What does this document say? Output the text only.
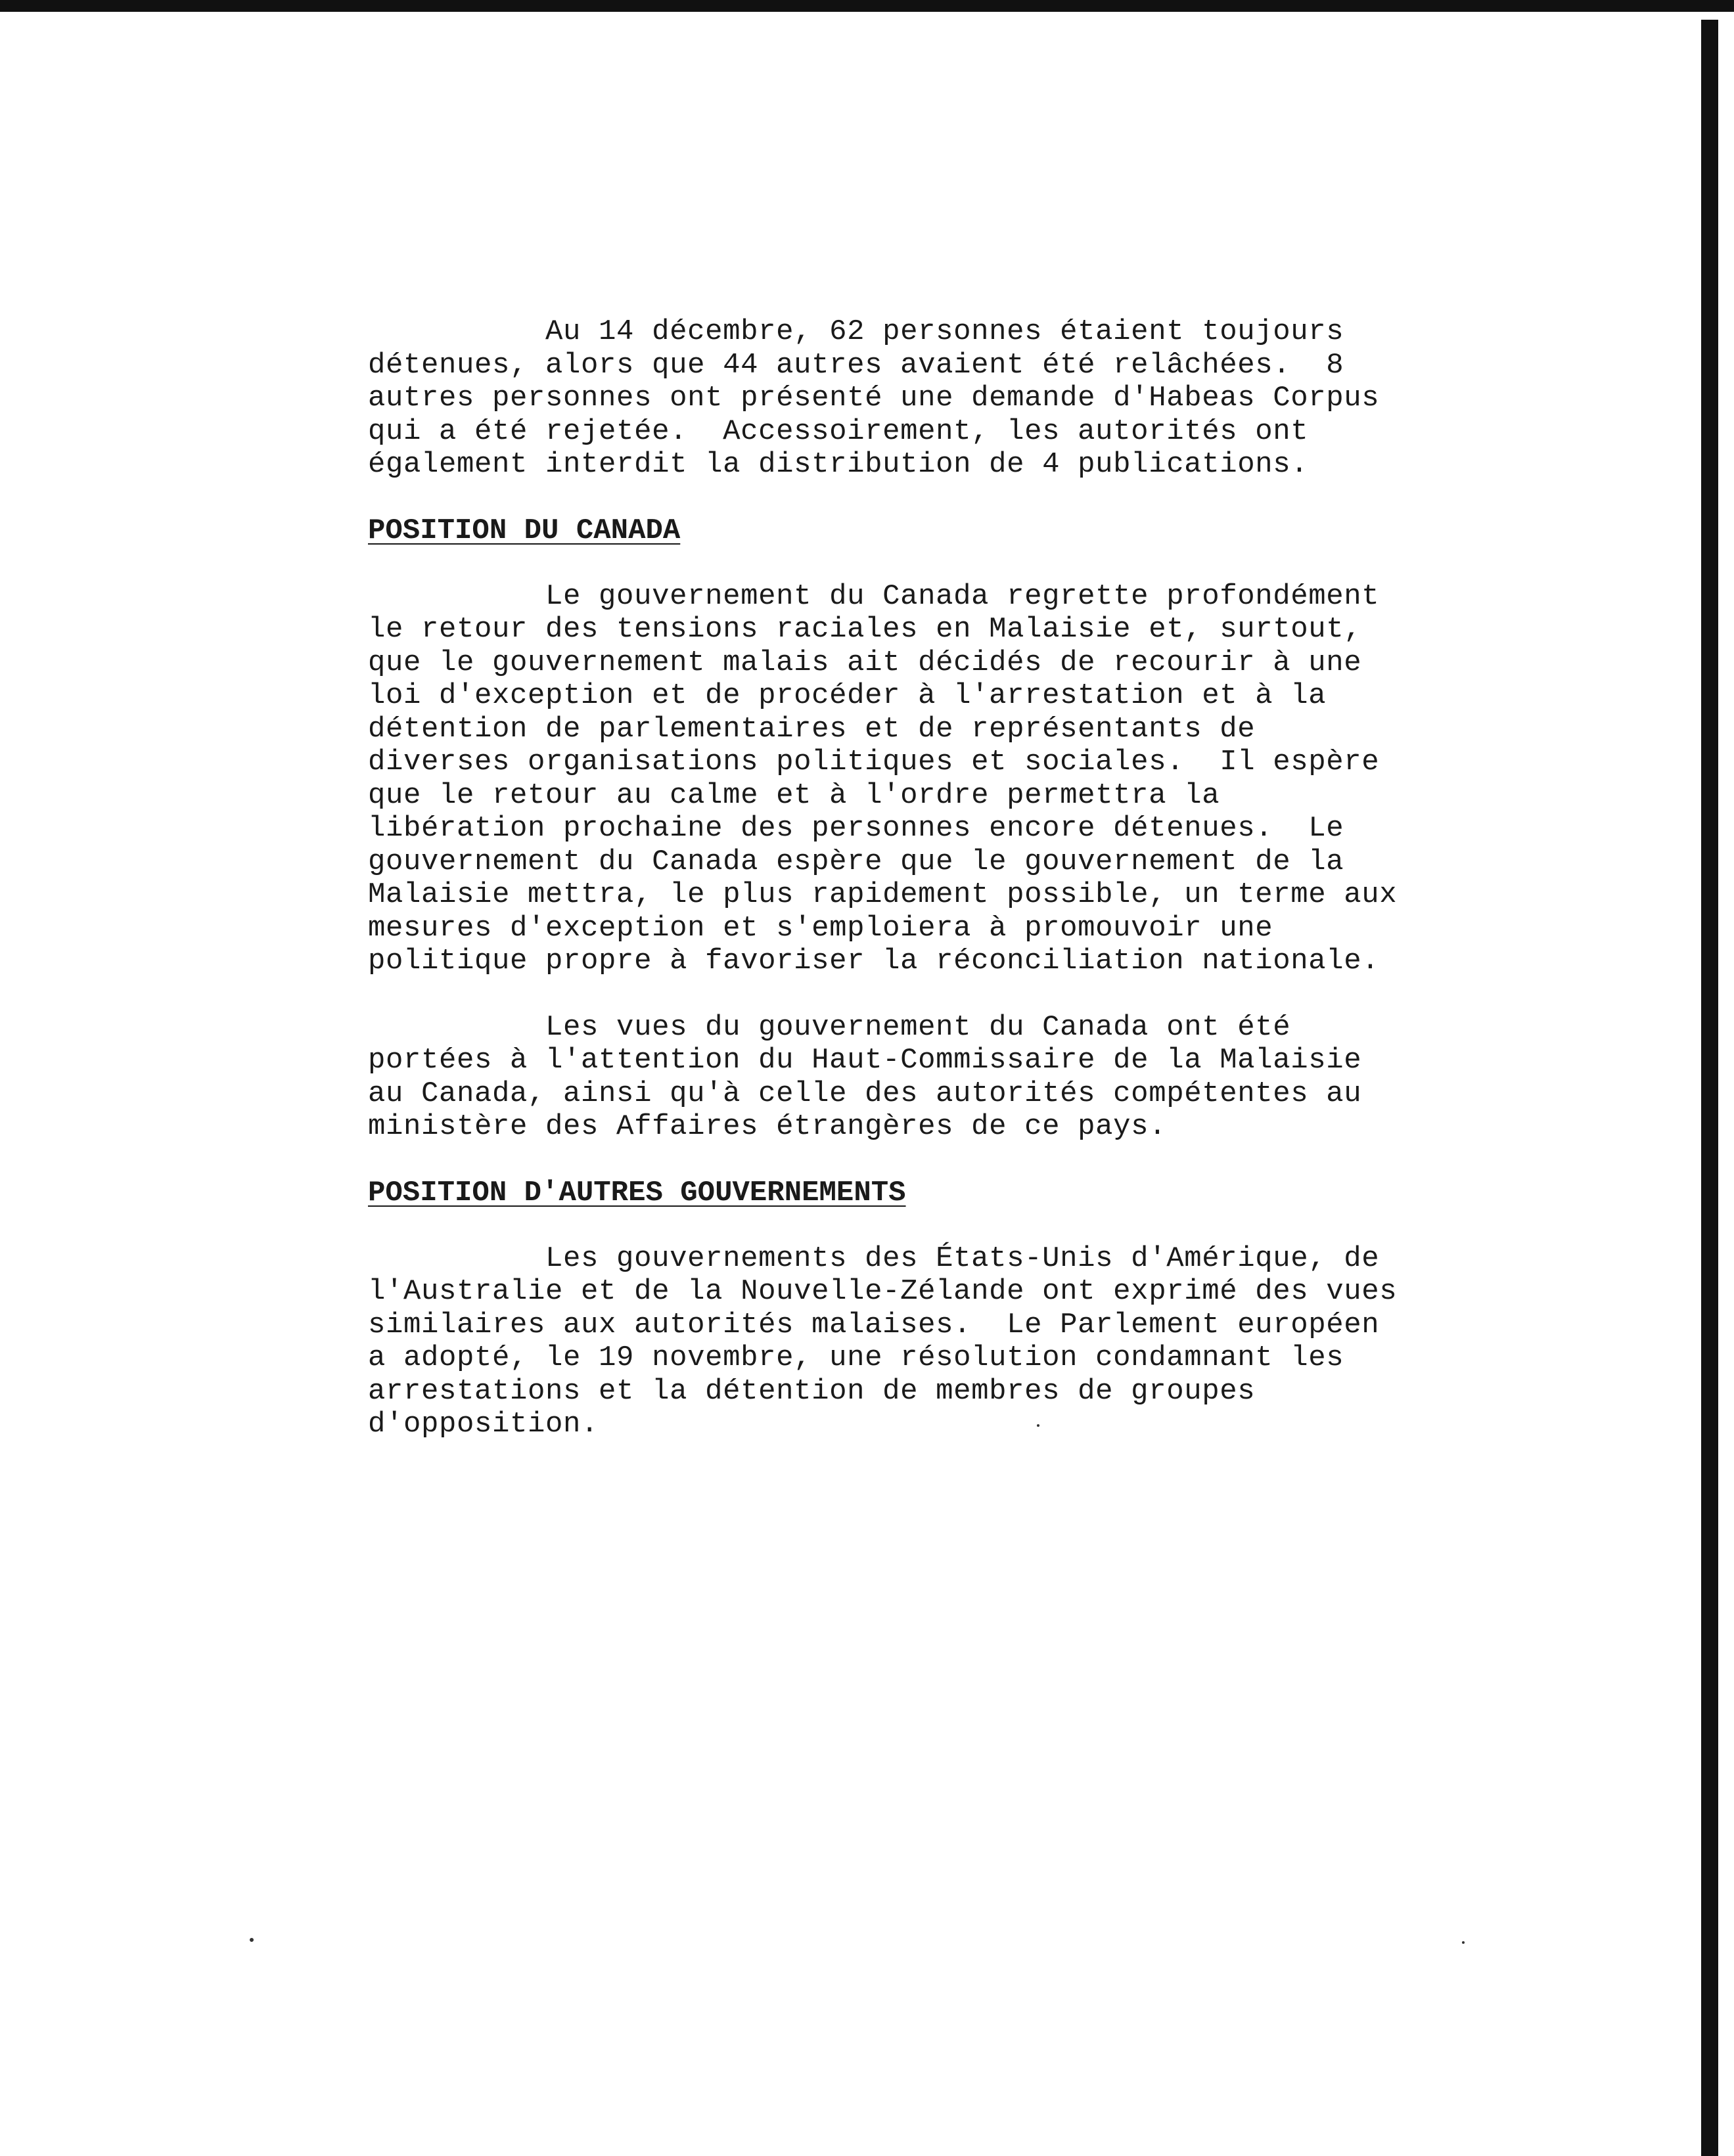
Au 14 décembre, 62 personnes étaient toujours
détenues, alors que 44 autres avaient été relâchées.  8
autres personnes ont présenté une demande d'Habeas Corpus
qui a été rejetée.  Accessoirement, les autorités ont
également interdit la distribution de 4 publications.

POSITION DU CANADA

Le gouvernement du Canada regrette profondément
le retour des tensions raciales en Malaisie et, surtout,
que le gouvernement malais ait décidés de recourir à une
loi d'exception et de procéder à l'arrestation et à la
détention de parlementaires et de représentants de
diverses organisations politiques et sociales.  Il espère
que le retour au calme et à l'ordre permettra la
libération prochaine des personnes encore détenues.  Le
gouvernement du Canada espère que le gouvernement de la
Malaisie mettra, le plus rapidement possible, un terme aux
mesures d'exception et s'emploiera à promouvoir une
politique propre à favoriser la réconciliation nationale.

Les vues du gouvernement du Canada ont été
portées à l'attention du Haut-Commissaire de la Malaisie
au Canada, ainsi qu'à celle des autorités compétentes au
ministère des Affaires étrangères de ce pays.

POSITION D'AUTRES GOUVERNEMENTS

Les gouvernements des États-Unis d'Amérique, de
l'Australie et de la Nouvelle-Zélande ont exprimé des vues
similaires aux autorités malaises.  Le Parlement européen
a adopté, le 19 novembre, une résolution condamnant les
arrestations et la détention de membres de groupes
d'opposition.
